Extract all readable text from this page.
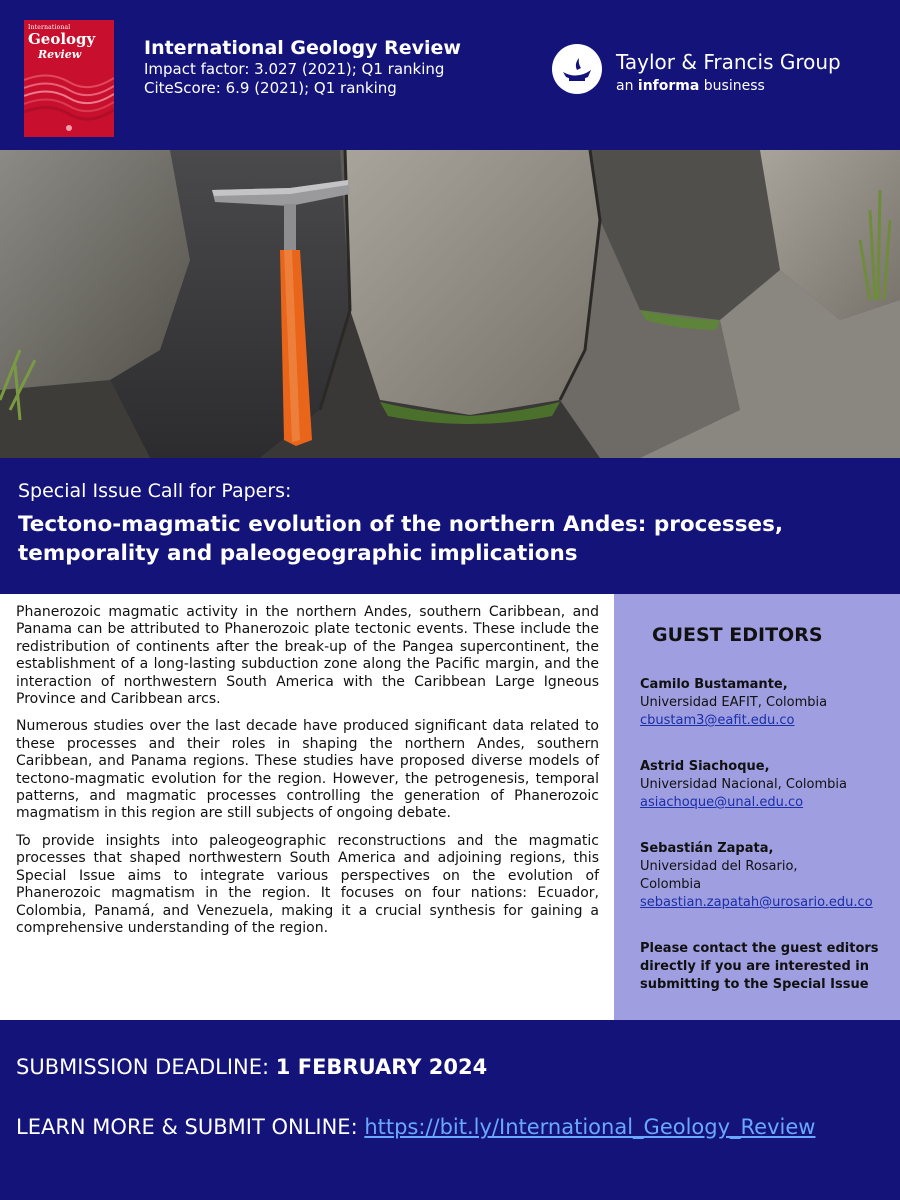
International
Geology
Review	International Geology Review
Impact factor: 3.027 (2021); Q1 ranking
CiteScore: 6.9 (2021); Q1 ranking
Taylor & Francis Group
an informa business
Special Issue Call for Papers:
Tectono-magmatic evolution of the northern Andes: processes, temporality and paleogeographic implications

Phanerozoic magmatic activity in the northern Andes, southern Caribbean, and Panama can be attributed to Phanerozoic plate tectonic events. These include the redistribution of continents after the break-up of the Pangea supercontinent, the establishment of a long-lasting subduction zone along the Pacific margin, and the interaction of northwestern South America with the Caribbean Large Igneous Province and Caribbean arcs.

Numerous studies over the last decade have produced significant data related to these processes and their roles in shaping the northern Andes, southern Caribbean, and Panama regions. These studies have proposed diverse models of tectono-magmatic evolution for the region. However, the petrogenesis, temporal patterns, and magmatic processes controlling the generation of Phanerozoic magmatism in this region are still subjects of ongoing debate.

To provide insights into paleogeographic reconstructions and the magmatic processes that shaped northwestern South America and adjoining regions, this Special Issue aims to integrate various perspectives on the evolution of Phanerozoic magmatism in the region. It focuses on four nations: Ecuador, Colombia, Panamá, and Venezuela, making it a crucial synthesis for gaining a comprehensive understanding of the region.

GUEST EDITORS
Camilo Bustamante,
Universidad EAFIT, Colombia
cbustam3@eafit.edu.co
Astrid Siachoque,
Universidad Nacional, Colombia
asiachoque@unal.edu.co
Sebastián Zapata,
Universidad del Rosario,
Colombia
sebastian.zapatah@urosario.edu.co
Please contact the guest editors directly if you are interested in submitting to the Special Issue
SUBMISSION DEADLINE: 1 FEBRUARY 2024
LEARN MORE & SUBMIT ONLINE: https://bit.ly/International_Geology_Review
